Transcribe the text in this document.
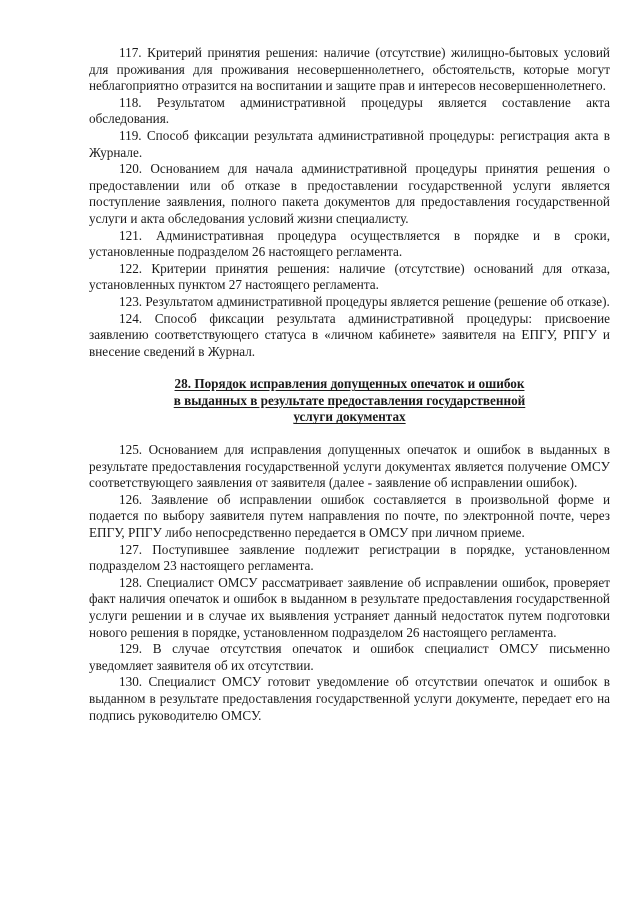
117. Критерий принятия решения: наличие (отсутствие) жилищно-бытовых условий для проживания для проживания несовершеннолетнего, обстоятельств, которые могут неблагоприятно отразится на воспитании и защите прав и интересов несовершеннолетнего.

118. Результатом административной процедуры является составление акта обследования.

119. Способ фиксации результата административной процедуры: регистрация акта в Журнале.

120. Основанием для начала административной процедуры принятия решения о предоставлении или об отказе в предоставлении государственной услуги является поступление заявления, полного пакета документов для предоставления государственной услуги и акта обследования условий жизни специалисту.

121. Административная процедура осуществляется в порядке и в сроки, установленные подразделом 26 настоящего регламента.

122. Критерии принятия решения: наличие (отсутствие) оснований для отказа, установленных пунктом 27 настоящего регламента.

123. Результатом административной процедуры является решение (решение об отказе).

124. Способ фиксации результата административной процедуры: присвоение заявлению соответствующего статуса в «личном кабинете» заявителя на ЕПГУ, РПГУ и внесение сведений в Журнал.

28. Порядок исправления допущенных опечаток и ошибок

в выданных в результате предоставления государственной

услуги документах

125. Основанием для исправления допущенных опечаток и ошибок в выданных в результате предоставления государственной услуги документах является получение ОМСУ соответствующего заявления от заявителя (далее - заявление об исправлении ошибок).

126. Заявление об исправлении ошибок составляется в произвольной форме и подается по выбору заявителя путем направления по почте, по электронной почте, через ЕПГУ, РПГУ либо непосредственно передается в ОМСУ при личном приеме.

127. Поступившее заявление подлежит регистрации в порядке, установленном подразделом 23 настоящего регламента.

128. Специалист ОМСУ рассматривает заявление об исправлении ошибок, проверяет факт наличия опечаток и ошибок в выданном в результате предоставления государственной услуги решении и в случае их выявления устраняет данный недостаток путем подготовки нового решения в порядке, установленном подразделом 26 настоящего регламента.

129. В случае отсутствия опечаток и ошибок специалист ОМСУ письменно уведомляет заявителя об их отсутствии.

130. Специалист ОМСУ готовит уведомление об отсутствии опечаток и ошибок в выданном в результате предоставления государственной услуги документе, передает его на подпись руководителю ОМСУ.
